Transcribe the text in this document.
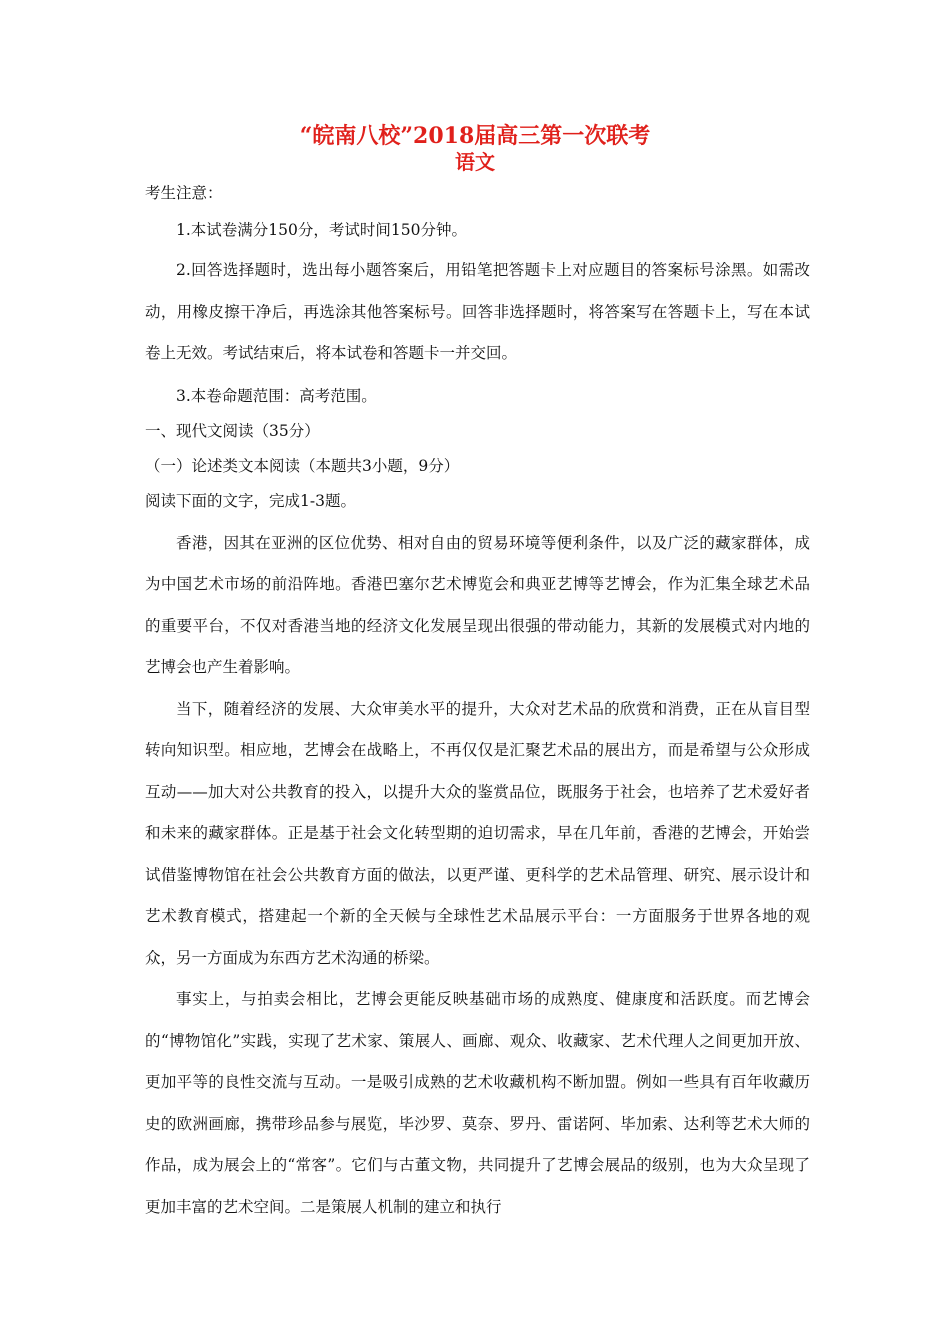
“皖南八校”2018届高三第一次联考

语文

考生注意：

1.本试卷满分150分，考试时间150分钟。

2.回答选择题时，选出每小题答案后，用铅笔把答题卡上对应题目的答案标号涂黑。如需改动，用橡皮擦干净后，再选涂其他答案标号。回答非选择题时，将答案写在答题卡上，写在本试卷上无效。考试结束后，将本试卷和答题卡一并交回。

3.本卷命题范围：高考范围。

一、现代文阅读（35分）

（一）论述类文本阅读（本题共3小题，9分）

阅读下面的文字，完成1-3题。

香港，因其在亚洲的区位优势、相对自由的贸易环境等便利条件，以及广泛的藏家群体，成为中国艺术市场的前沿阵地。香港巴塞尔艺术博览会和典亚艺博等艺博会，作为汇集全球艺术品的重要平台，不仅对香港当地的经济文化发展呈现出很强的带动能力，其新的发展模式对内地的艺博会也产生着影响。

当下，随着经济的发展、大众审美水平的提升，大众对艺术品的欣赏和消费，正在从盲目型转向知识型。相应地，艺博会在战略上，不再仅仅是汇聚艺术品的展出方，而是希望与公众形成互动——加大对公共教育的投入，以提升大众的鉴赏品位，既服务于社会，也培养了艺术爱好者和未来的藏家群体。正是基于社会文化转型期的迫切需求，早在几年前，香港的艺博会，开始尝试借鉴博物馆在社会公共教育方面的做法，以更严谨、更科学的艺术品管理、研究、展示设计和艺术教育模式，搭建起一个新的全天候与全球性艺术品展示平台：一方面服务于世界各地的观众，另一方面成为东西方艺术沟通的桥梁。

事实上，与拍卖会相比，艺博会更能反映基础市场的成熟度、健康度和活跃度。而艺博会的“博物馆化”实践，实现了艺术家、策展人、画廊、观众、收藏家、艺术代理人之间更加开放、更加平等的良性交流与互动。一是吸引成熟的艺术收藏机构不断加盟。例如一些具有百年收藏历史的欧洲画廊，携带珍品参与展览，毕沙罗、莫奈、罗丹、雷诺阿、毕加索、达利等艺术大师的作品，成为展会上的“常客”。它们与古董文物，共同提升了艺博会展品的级别，也为大众呈现了更加丰富的艺术空间。二是策展人机制的建立和执行
